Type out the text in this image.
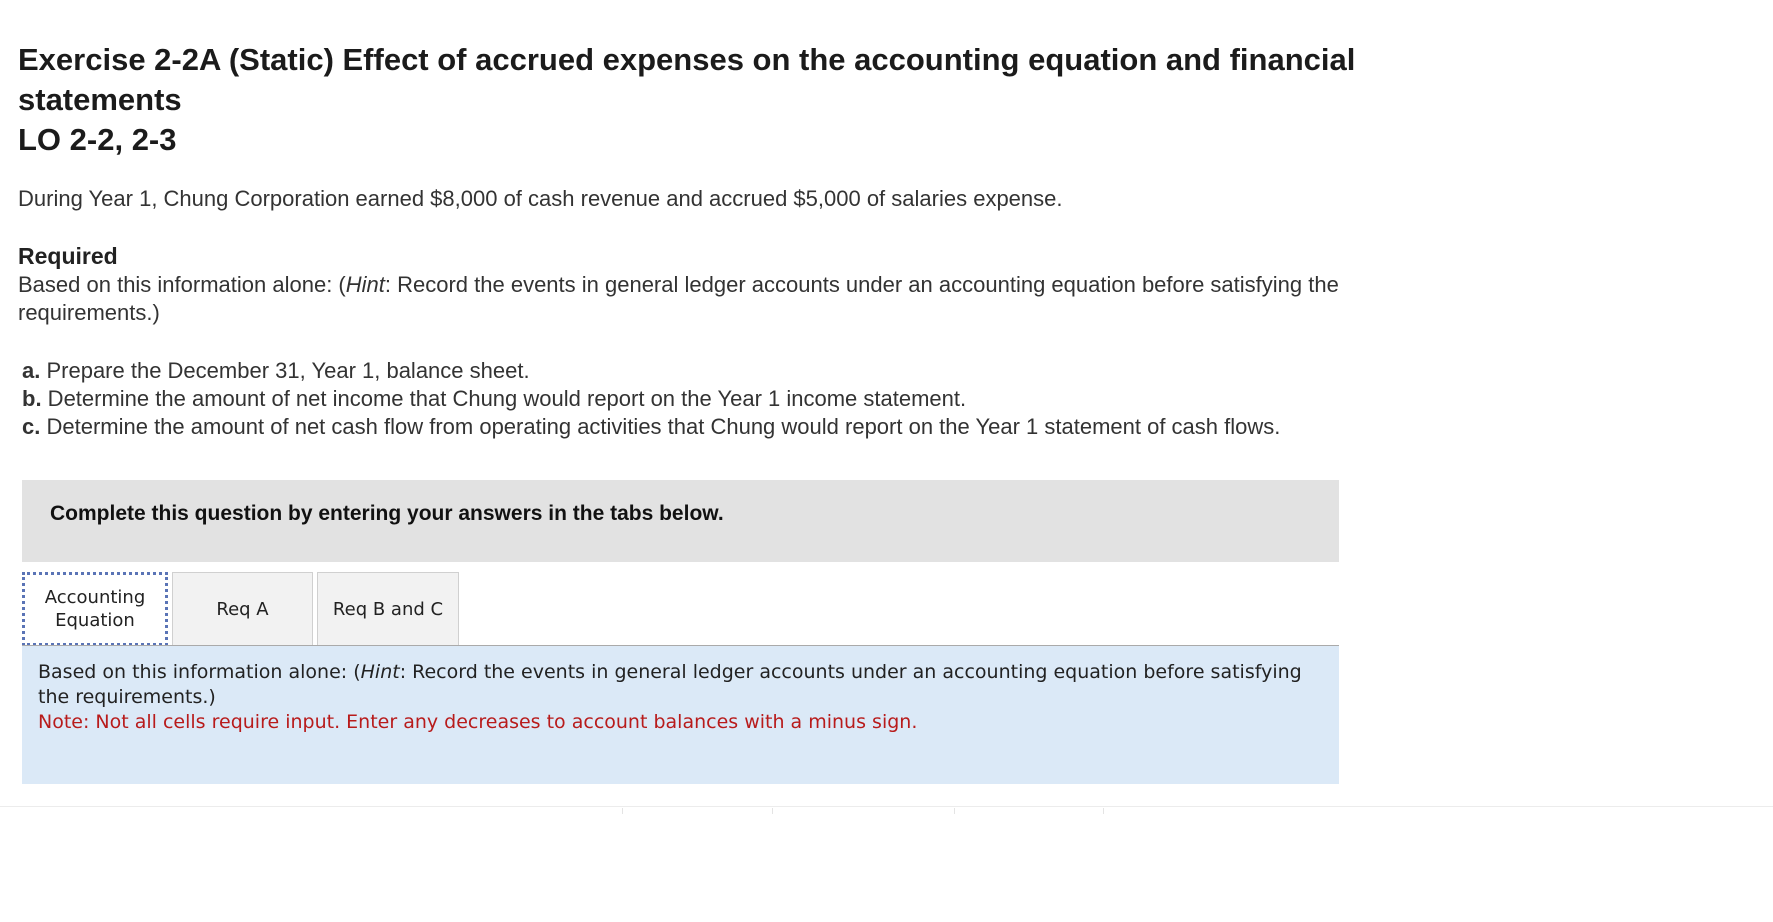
Exercise 2-2A (Static) Effect of accrued expenses on the accounting equation and financial statements
LO 2-2, 2-3

During Year 1, Chung Corporation earned $8,000 of cash revenue and accrued $5,000 of salaries expense.

Required

Based on this information alone: (Hint: Record the events in general ledger accounts under an accounting equation before satisfying the requirements.)

a. Prepare the December 31, Year 1, balance sheet.
b. Determine the amount of net income that Chung would report on the Year 1 income statement.
c. Determine the amount of net cash flow from operating activities that Chung would report on the Year 1 statement of cash flows.

Complete this question by entering your answers in the tabs below.

Accounting
Equation
Req A	Req B and C

Based on this information alone: (Hint: Record the events in general ledger accounts under an accounting equation before satisfying the requirements.)

Note: Not all cells require input. Enter any decreases to account balances with a minus sign.
